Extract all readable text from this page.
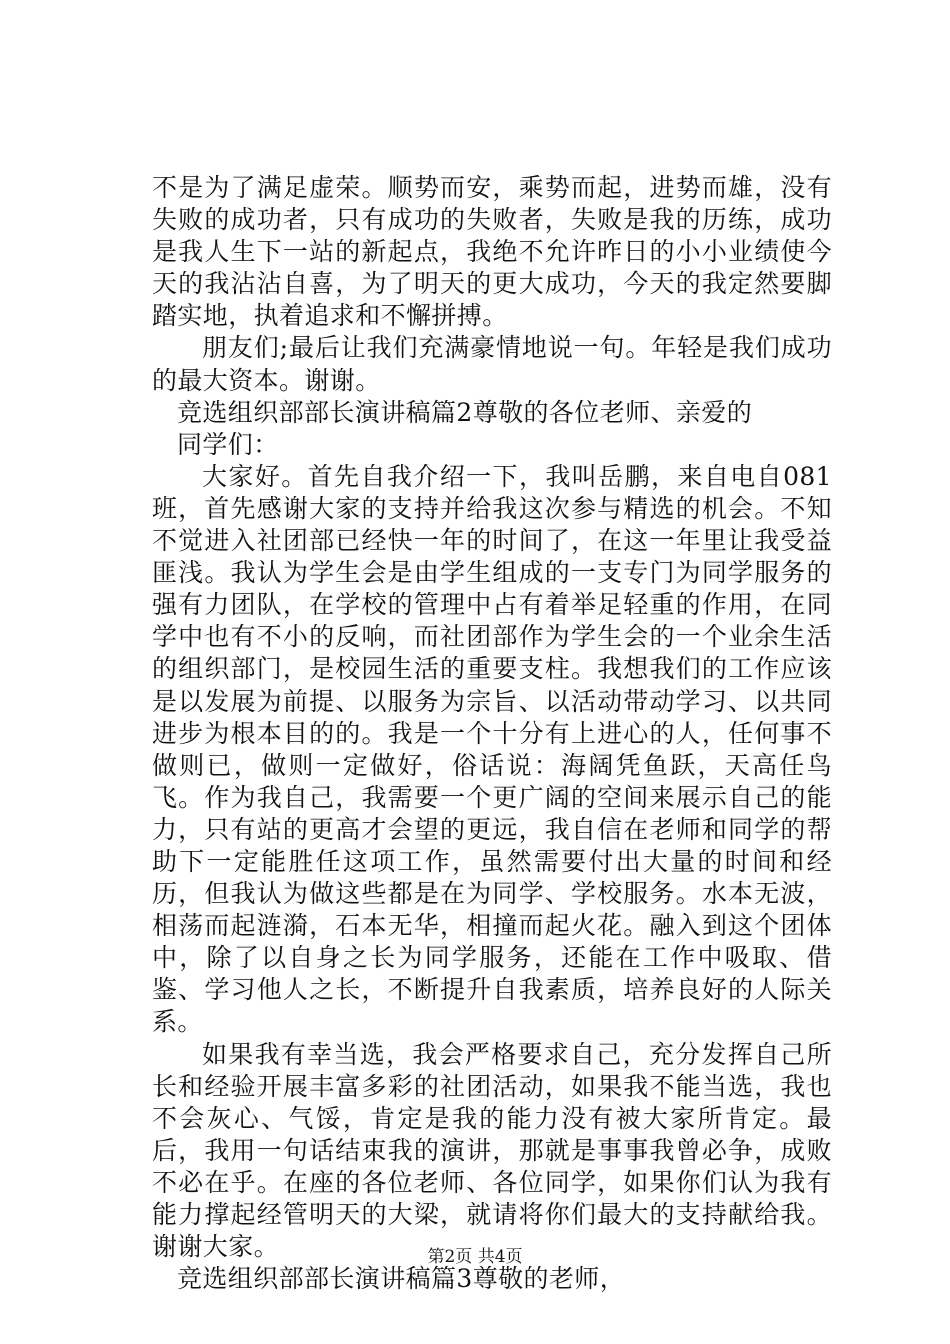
不是为了满足虚荣。顺势而安，乘势而起，进势而雄，没有失败的成功者，只有成功的失败者，失败是我的历练，成功是我人生下一站的新起点，我绝不允许昨日的小小业绩使今天的我沾沾自喜，为了明天的更大成功，今天的我定然要脚踏实地，执着追求和不懈拼搏。

朋友们;最后让我们充满豪情地说一句。年轻是我们成功的最大资本。谢谢。

竞选组织部部长演讲稿篇2尊敬的各位老师、亲爱的

同学们：

大家好。首先自我介绍一下，我叫岳鹏，来自电自081班，首先感谢大家的支持并给我这次参与精选的机会。不知不觉进入社团部已经快一年的时间了，在这一年里让我受益匪浅。我认为学生会是由学生组成的一支专门为同学服务的强有力团队，在学校的管理中占有着举足轻重的作用，在同学中也有不小的反响，而社团部作为学生会的一个业余生活的组织部门，是校园生活的重要支柱。我想我们的工作应该是以发展为前提、以服务为宗旨、以活动带动学习、以共同进步为根本目的的。我是一个十分有上进心的人，任何事不做则已，做则一定做好，俗话说：海阔凭鱼跃，天高任鸟飞。作为我自己，我需要一个更广阔的空间来展示自己的能力，只有站的更高才会望的更远，我自信在老师和同学的帮助下一定能胜任这项工作，虽然需要付出大量的时间和经历，但我认为做这些都是在为同学、学校服务。水本无波，相荡而起涟漪，石本无华，相撞而起火花。融入到这个团体中，除了以自身之长为同学服务，还能在工作中吸取、借鉴、学习他人之长，不断提升自我素质，培养良好的人际关系。

如果我有幸当选，我会严格要求自己，充分发挥自己所长和经验开展丰富多彩的社团活动，如果我不能当选，我也不会灰心、气馁，肯定是我的能力没有被大家所肯定。最后，我用一句话结束我的演讲，那就是事事我曾必争，成败不必在乎。在座的各位老师、各位同学，如果你们认为我有能力撑起经管明天的大梁，就请将你们最大的支持献给我。谢谢大家。

竞选组织部部长演讲稿篇3尊敬的老师，

第2页 共4页
